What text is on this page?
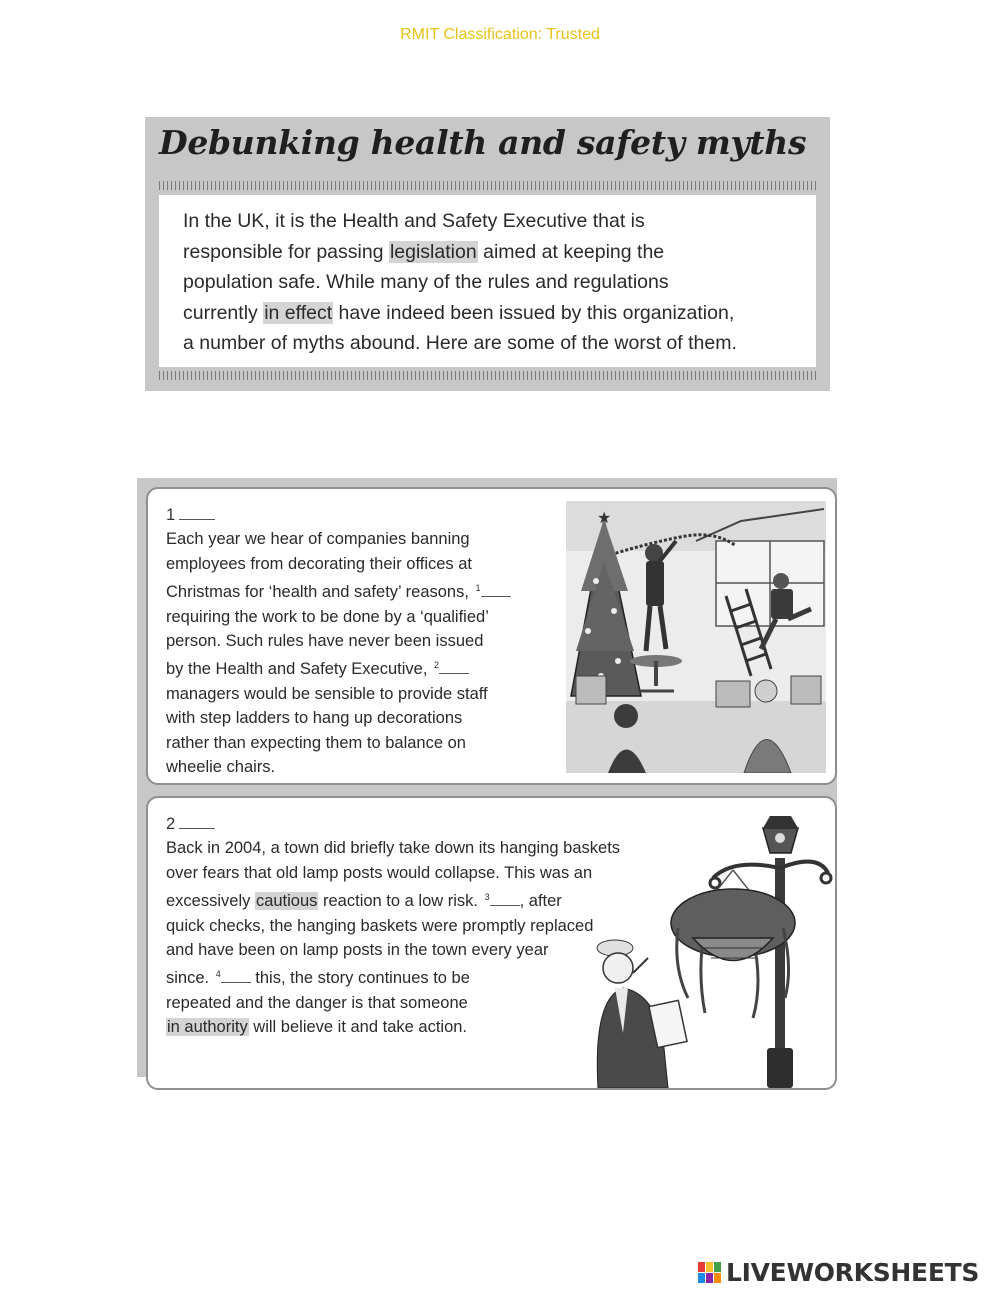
RMIT Classification: Trusted
Debunking health and safety myths
In the UK, it is the Health and Safety Executive that is
responsible for passing legislation aimed at keeping the
population safe. While many of the rules and regulations
currently in effect have indeed been issued by this organization,
a number of myths abound. Here are some of the worst of them.
1
Each year we hear of companies banning
employees from decorating their offices at
Christmas for ‘health and safety’ reasons, $^1$
requiring the work to be done by a ‘qualified’
person. Such rules have never been issued
by the Health and Safety Executive, $^2$
managers would be sensible to provide staff
with step ladders to hang up decorations
rather than expecting them to balance on
wheelie chairs.
★
2
Back in 2004, a town did briefly take down its hanging baskets
over fears that old lamp posts would collapse. This was an
excessively cautious reaction to a low risk. $^3$ , after
quick checks, the hanging baskets were promptly replaced
and have been on lamp posts in the town every year
since. $^4$ this, the story continues to be
repeated and the danger is that someone
in authority will believe it and take action.
LIVEWORKSHEETS
